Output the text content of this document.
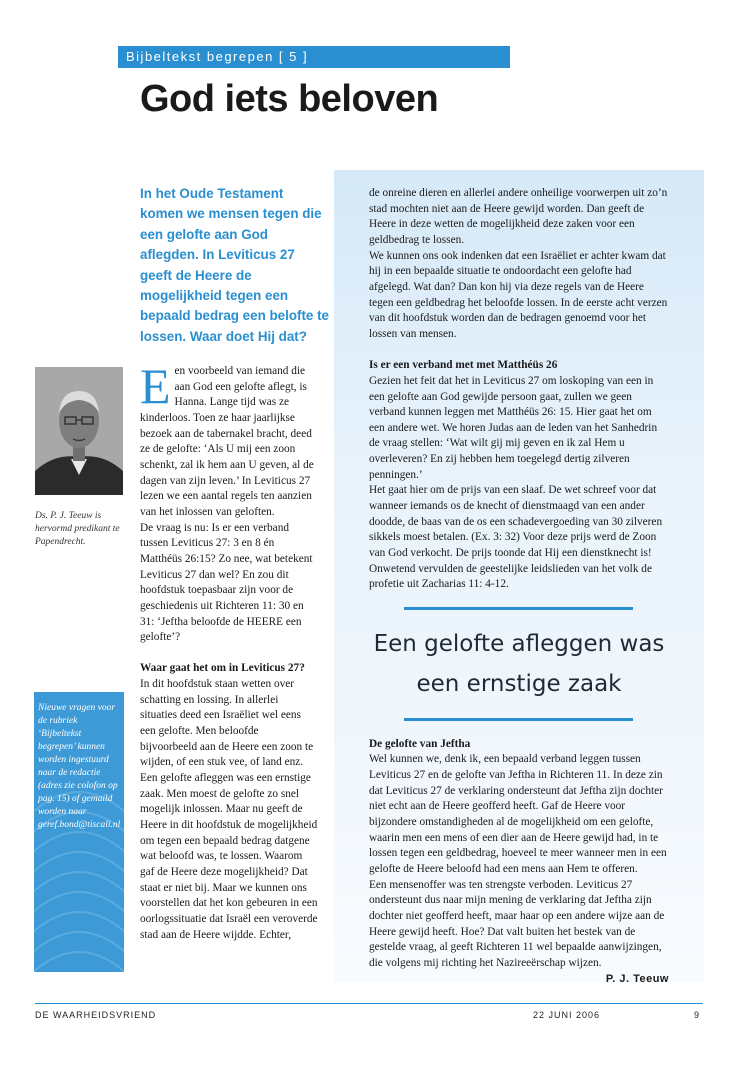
Bijbeltekst begrepen [ 5 ]
God iets beloven

In het Oude Testament komen we mensen tegen die een gelofte aan God aflegden. In Leviticus 27 geeft de Heere de mogelijkheid tegen een bepaald bedrag een belofte te lossen. Waar doet Hij dat?

Ds. P. J. Teeuw is hervormd predikant te Papendrecht.

Nieuwe vragen voor de rubriek ‘Bijbeltekst begrepen’ kunnen worden ingestuurd naar de redactie (adres zie colofon op pag. 15) of gemaild worden naar geref.bond@tiscali.nl

Een voorbeeld van iemand die aan God een gelofte aflegt, is Hanna. Lange tijd was ze kinderloos. Toen ze haar jaarlijkse bezoek aan de tabernakel bracht, deed ze de gelofte: ‘Als U mij een zoon schenkt, zal ik hem aan U geven, al de dagen van zijn leven.’ In Leviticus 27 lezen we een aantal regels ten aanzien van het inlossen van geloften.

De vraag is nu: Is er een verband tussen Leviticus 27: 3 en 8 én Matthéüs 26:15? Zo nee, wat betekent Leviticus 27 dan wel? En zou dit hoofdstuk toepasbaar zijn voor de geschiedenis uit Richteren 11: 30 en 31: ‘Jeftha beloofde de HEERE een gelofte’?

Waar gaat het om in Leviticus 27?

In dit hoofdstuk staan wetten over schatting en lossing. In allerlei situaties deed een Israëliet wel eens een gelofte. Men beloofde bijvoorbeeld aan de Heere een zoon te wijden, of een stuk vee, of land enz.

Een gelofte afleggen was een ernstige zaak. Men moest de gelofte zo snel mogelijk inlossen. Maar nu geeft de Heere in dit hoofdstuk de mogelijkheid om tegen een bepaald bedrag datgene wat beloofd was, te lossen. Waarom gaf de Heere deze mogelijkheid? Dat staat er niet bij. Maar we kunnen ons voorstellen dat het kon gebeuren in een oorlogssituatie dat Israël een veroverde stad aan de Heere wijdde. Echter,

de onreine dieren en allerlei andere onheilige voorwerpen uit zo’n stad mochten niet aan de Heere gewijd worden. Dan geeft de Heere in deze wetten de mogelijkheid deze zaken voor een geldbedrag te lossen.

We kunnen ons ook indenken dat een Israëliet er achter kwam dat hij in een bepaalde situatie te ondoordacht een gelofte had afgelegd. Wat dan? Dan kon hij via deze regels van de Heere tegen een geldbedrag het beloofde lossen. In de eerste acht verzen van dit hoofdstuk worden dan de bedragen genoemd voor het lossen van mensen.

Is er een verband met met Matthéüs 26

Gezien het feit dat het in Leviticus 27 om loskoping van een in een gelofte aan God gewijde persoon gaat, zullen we geen verband kunnen leggen met Matthéüs 26: 15. Hier gaat het om een andere wet. We horen Judas aan de leden van het Sanhedrin de vraag stellen: ‘Wat wilt gij mij geven en ik zal Hem u overleveren? En zij hebben hem toegelegd dertig zilveren penningen.’

Het gaat hier om de prijs van een slaaf. De wet schreef voor dat wanneer iemands os de knecht of dienstmaagd van een ander doodde, de baas van de os een schadevergoeding van 30 zilveren sikkels moest betalen. (Ex. 3: 32) Voor deze prijs werd de Zoon van God verkocht. De prijs toonde dat Hij een dienstknecht is! Onwetend vervulden de geestelijke leidslieden van het volk de profetie uit Zacharias 11: 4-12.

Een gelofte afleggen was een ernstige zaak

De gelofte van Jeftha

Wel kunnen we, denk ik, een bepaald verband leggen tussen Leviticus 27 en de gelofte van Jeftha in Richteren 11. In deze zin dat Leviticus 27 de verklaring ondersteunt dat Jeftha zijn dochter niet echt aan de Heere geofferd heeft. Gaf de Heere voor bijzondere omstandigheden al de mogelijkheid om een gelofte, waarin men een mens of een dier aan de Heere gewijd had, in te lossen tegen een geldbedrag, hoeveel te meer wanneer men in een gelofte de Heere beloofd had een mens aan Hem te offeren.

Een mensenoffer was ten strengste verboden. Leviticus 27 ondersteunt dus naar mijn mening de verklaring dat Jeftha zijn dochter niet geofferd heeft, maar haar op een andere wijze aan de Heere gewijd heeft. Hoe? Dat valt buiten het bestek van de gestelde vraag, al geeft Richteren 11 wel bepaalde aanwijzingen, die volgens mij richting het Nazireeërschap wijzen.

P. J. Teeuw

DE WAARHEIDSVRIEND	22 JUNI 2006	9
